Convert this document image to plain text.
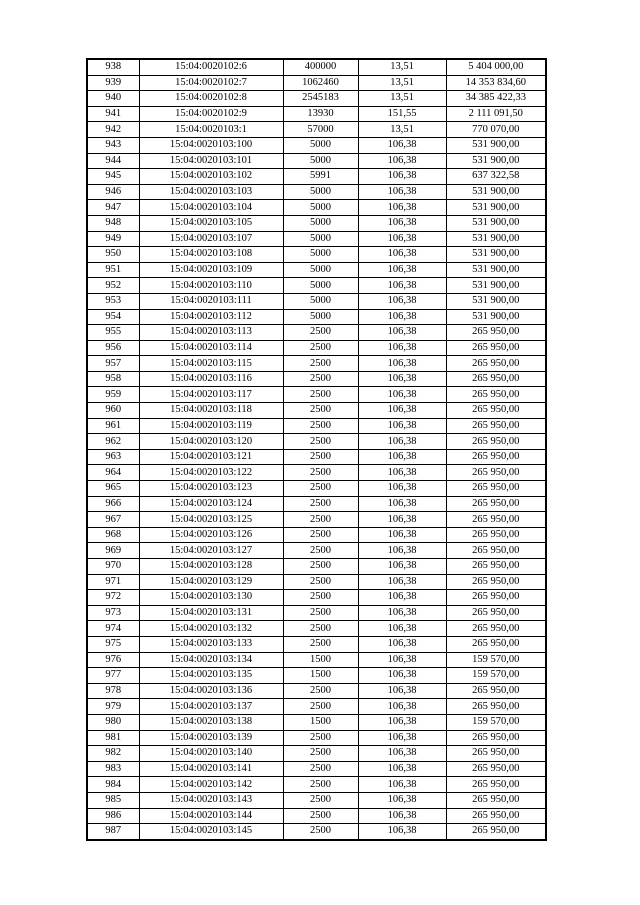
938	15:04:0020102:6	400000	13,51	5 404 000,00
939	15:04:0020102:7	1062460	13,51	14 353 834,60
940	15:04:0020102:8	2545183	13,51	34 385 422,33
941	15:04:0020102:9	13930	151,55	2 111 091,50
942	15:04:0020103:1	57000	13,51	770 070,00
943	15:04:0020103:100	5000	106,38	531 900,00
944	15:04:0020103:101	5000	106,38	531 900,00
945	15:04:0020103:102	5991	106,38	637 322,58
946	15:04:0020103:103	5000	106,38	531 900,00
947	15:04:0020103:104	5000	106,38	531 900,00
948	15:04:0020103:105	5000	106,38	531 900,00
949	15:04:0020103:107	5000	106,38	531 900,00
950	15:04:0020103:108	5000	106,38	531 900,00
951	15:04:0020103:109	5000	106,38	531 900,00
952	15:04:0020103:110	5000	106,38	531 900,00
953	15:04:0020103:111	5000	106,38	531 900,00
954	15:04:0020103:112	5000	106,38	531 900,00
955	15:04:0020103:113	2500	106,38	265 950,00
956	15:04:0020103:114	2500	106,38	265 950,00
957	15:04:0020103:115	2500	106,38	265 950,00
958	15:04:0020103:116	2500	106,38	265 950,00
959	15:04:0020103:117	2500	106,38	265 950,00
960	15:04:0020103:118	2500	106,38	265 950,00
961	15:04:0020103:119	2500	106,38	265 950,00
962	15:04:0020103:120	2500	106,38	265 950,00
963	15:04:0020103:121	2500	106,38	265 950,00
964	15:04:0020103:122	2500	106,38	265 950,00
965	15:04:0020103:123	2500	106,38	265 950,00
966	15:04:0020103:124	2500	106,38	265 950,00
967	15:04:0020103:125	2500	106,38	265 950,00
968	15:04:0020103:126	2500	106,38	265 950,00
969	15:04:0020103:127	2500	106,38	265 950,00
970	15:04:0020103:128	2500	106,38	265 950,00
971	15:04:0020103:129	2500	106,38	265 950,00
972	15:04:0020103:130	2500	106,38	265 950,00
973	15:04:0020103:131	2500	106,38	265 950,00
974	15:04:0020103:132	2500	106,38	265 950,00
975	15:04:0020103:133	2500	106,38	265 950,00
976	15:04:0020103:134	1500	106,38	159 570,00
977	15:04:0020103:135	1500	106,38	159 570,00
978	15:04:0020103:136	2500	106,38	265 950,00
979	15:04:0020103:137	2500	106,38	265 950,00
980	15:04:0020103:138	1500	106,38	159 570,00
981	15:04:0020103:139	2500	106,38	265 950,00
982	15:04:0020103:140	2500	106,38	265 950,00
983	15:04:0020103:141	2500	106,38	265 950,00
984	15:04:0020103:142	2500	106,38	265 950,00
985	15:04:0020103:143	2500	106,38	265 950,00
986	15:04:0020103:144	2500	106,38	265 950,00
987	15:04:0020103:145	2500	106,38	265 950,00
